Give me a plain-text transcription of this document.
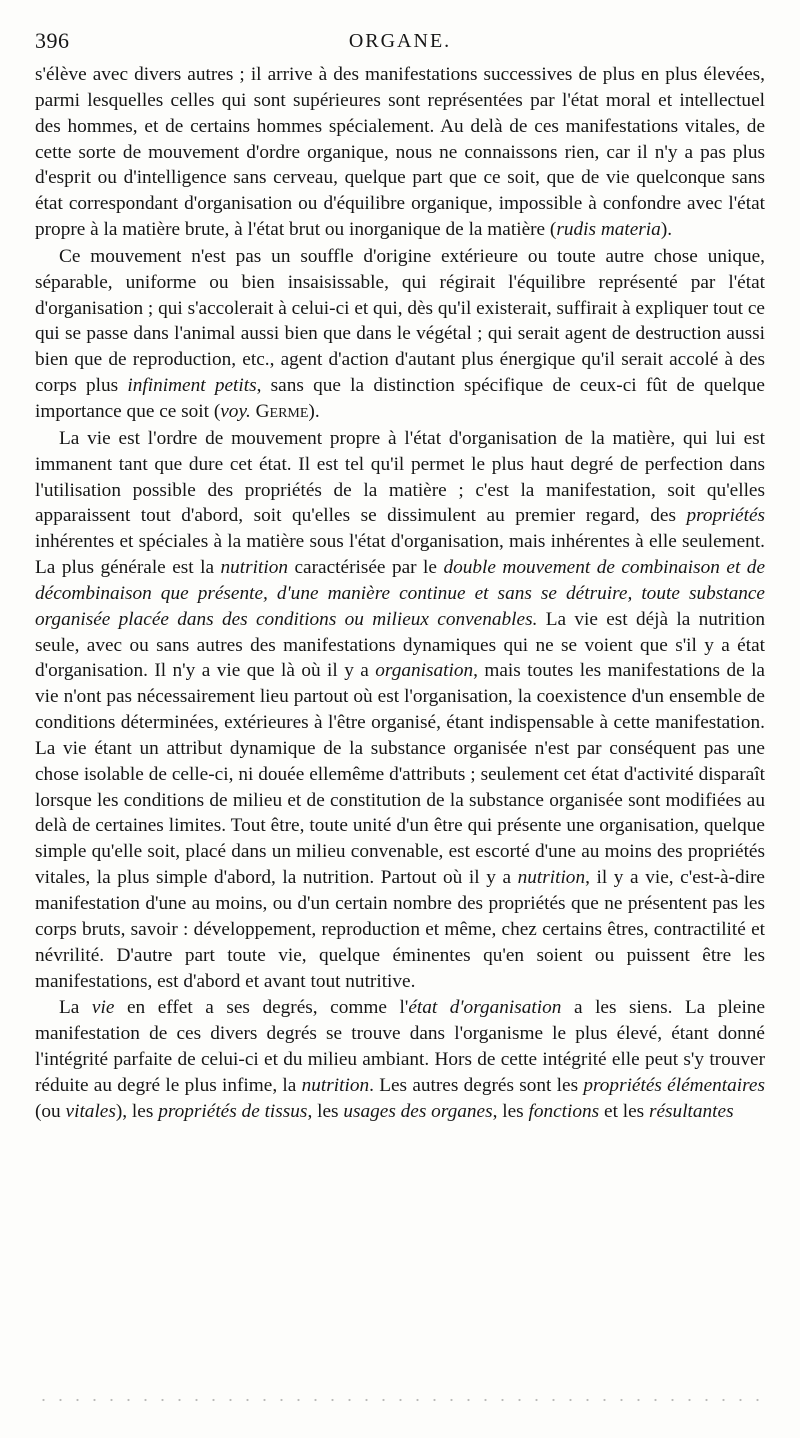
396	ORGANE.

s'élève avec divers autres ; il arrive à des manifestations successives de plus en plus élevées, parmi lesquelles celles qui sont supérieures sont représentées par l'état moral et intellectuel des hommes, et de certains hommes spécialement. Au delà de ces manifestations vitales, de cette sorte de mouvement d'ordre organique, nous ne connaissons rien, car il n'y a pas plus d'esprit ou d'intelligence sans cerveau, quelque part que ce soit, que de vie quelconque sans état correspondant d'organisation ou d'équilibre organique, impossible à confondre avec l'état propre à la matière brute, à l'état brut ou inorganique de la matière (rudis materia).

Ce mouvement n'est pas un souffle d'origine extérieure ou toute autre chose unique, séparable, uniforme ou bien insaisissable, qui régirait l'équilibre représenté par l'état d'organisation ; qui s'accolerait à celui-ci et qui, dès qu'il existerait, suffirait à expliquer tout ce qui se passe dans l'animal aussi bien que dans le végétal ; qui serait agent de destruction aussi bien que de reproduction, etc., agent d'action d'autant plus énergique qu'il serait accolé à des corps plus infiniment petits, sans que la distinction spécifique de ceux-ci fût de quelque importance que ce soit (voy. Germe).

La vie est l'ordre de mouvement propre à l'état d'organisation de la matière, qui lui est immanent tant que dure cet état. Il est tel qu'il permet le plus haut degré de perfection dans l'utilisation possible des propriétés de la matière ; c'est la manifestation, soit qu'elles apparaissent tout d'abord, soit qu'elles se dissimulent au premier regard, des propriétés inhérentes et spéciales à la matière sous l'état d'organisation, mais inhérentes à elle seulement. La plus générale est la nutrition caractérisée par le double mouvement de combinaison et de décombinaison que présente, d'une manière continue et sans se détruire, toute substance organisée placée dans des conditions ou milieux convenables. La vie est déjà la nutrition seule, avec ou sans autres des manifestations dynamiques qui ne se voient que s'il y a état d'organisation. Il n'y a vie que là où il y a organisation, mais toutes les manifestations de la vie n'ont pas nécessairement lieu partout où est l'organisation, la coexistence d'un ensemble de conditions déterminées, extérieures à l'être organisé, étant indispensable à cette manifestation. La vie étant un attribut dynamique de la substance organisée n'est par conséquent pas une chose isolable de celle-ci, ni douée ellemême d'attributs ; seulement cet état d'activité disparaît lorsque les conditions de milieu et de constitution de la substance organisée sont modifiées au delà de certaines limites. Tout être, toute unité d'un être qui présente une organisation, quelque simple qu'elle soit, placé dans un milieu convenable, est escorté d'une au moins des propriétés vitales, la plus simple d'abord, la nutrition. Partout où il y a nutrition, il y a vie, c'est-à-dire manifestation d'une au moins, ou d'un certain nombre des propriétés que ne présentent pas les corps bruts, savoir : développement, reproduction et même, chez certains êtres, contractilité et névrilité. D'autre part toute vie, quelque éminentes qu'en soient ou puissent être les manifestations, est d'abord et avant tout nutritive.

La vie en effet a ses degrés, comme l'état d'organisation a les siens. La pleine manifestation de ces divers degrés se trouve dans l'organisme le plus élevé, étant donné l'intégrité parfaite de celui-ci et du milieu ambiant. Hors de cette intégrité elle peut s'y trouver réduite au degré le plus infime, la nutrition. Les autres degrés sont les propriétés élémentaires (ou vitales), les propriétés de tissus, les usages des organes, les fonctions et les résultantes
